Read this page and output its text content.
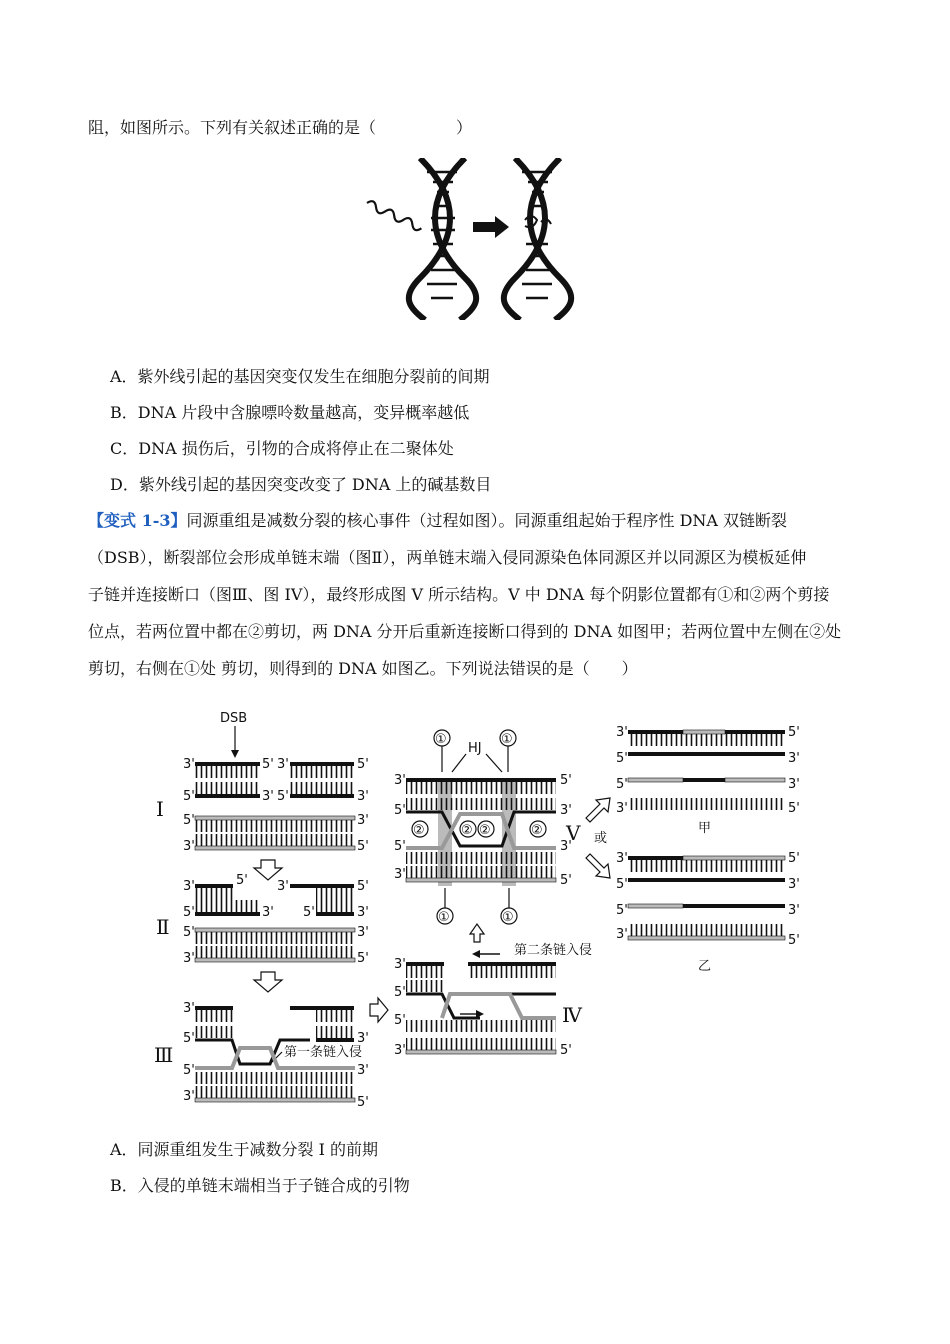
阻，如图所示。下列有关叙述正确的是（　　　　　）
A．紫外线引起的基因突变仅发生在细胞分裂前的间期
B．DNA 片段中含腺嘌呤数量越高，变异概率越低
C．DNA 损伤后，引物的合成将停止在二聚体处
D．紫外线引起的基因突变改变了 DNA 上的碱基数目
【变式 1-3】同源重组是减数分裂的核心事件（过程如图）。同源重组起始于程序性 DNA 双链断裂
（DSB），断裂部位会形成单链末端（图Ⅱ），两单链末端入侵同源染色体同源区并以同源区为模板延伸
子链并连接断口（图Ⅲ、图 IV），最终形成图 V 所示结构。V 中 DNA 每个阴影位置都有①和②两个剪接
位点，若两位置中都在②剪切，两 DNA 分开后重新连接断口得到的 DNA 如图甲；若两位置中左侧在②处
剪切，右侧在①处 剪切，则得到的 DNA 如图乙。下列说法错误的是（　　）
DSB
3'	5' 3'	5'
5'	3' 5'	3'
Ⅰ 5'	3'
3'	5'
3'	5' 3'	5'
5'	3' 5'	3'
Ⅱ 5'	3'
3'	5'
3'
5'	3'
第一条链入侵
Ⅲ
5'	3'
3'	5'
①	①
HJ
3'	5'
5'	3'
②	② ②	② Ⅴ
5'	3'
3'	5'
①	①
3'
第二条链入侵
5'
Ⅳ
5'
3'	5'
或
3'	5'
5'	3'
5'	3'
3'	5'
甲
3'	5'
5'	3'
5'	3'
3'	5'
乙
A．同源重组发生于减数分裂 I 的前期
B．入侵的单链末端相当于子链合成的引物
